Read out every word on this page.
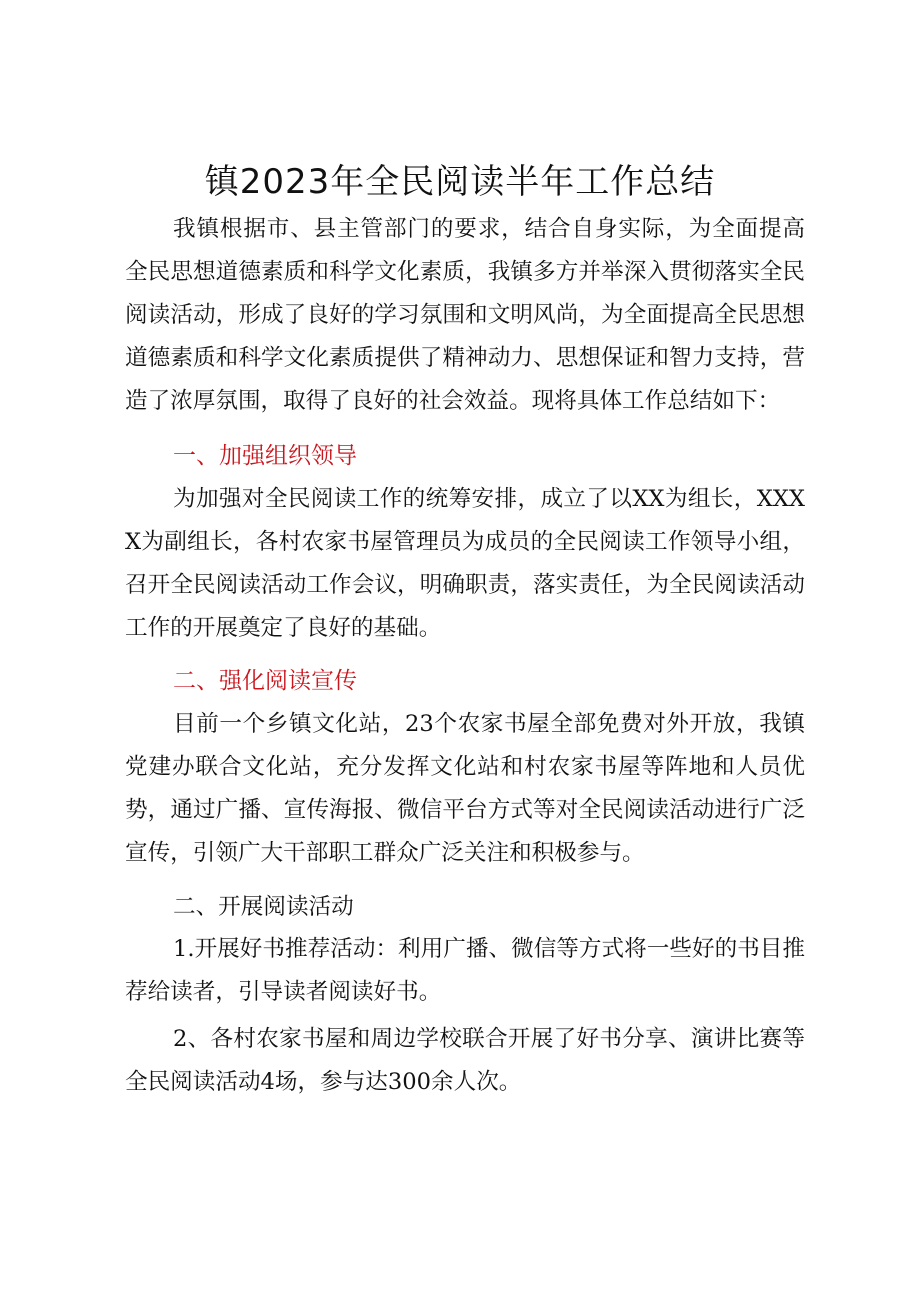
镇2023年全民阅读半年工作总结

我镇根据市、县主管部门的要求，结合自身实际，为全面提高全民思想道德素质和科学文化素质，我镇多方并举深入贯彻落实全民阅读活动，形成了良好的学习氛围和文明风尚，为全面提高全民思想道德素质和科学文化素质提供了精神动力、思想保证和智力支持，营造了浓厚氛围，取得了良好的社会效益。现将具体工作总结如下：

一、加强组织领导

为加强对全民阅读工作的统筹安排，成立了以XX为组长，XXXX为副组长，各村农家书屋管理员为成员的全民阅读工作领导小组，召开全民阅读活动工作会议，明确职责，落实责任，为全民阅读活动工作的开展奠定了良好的基础。

二、强化阅读宣传

目前一个乡镇文化站，23个农家书屋全部免费对外开放，我镇党建办联合文化站，充分发挥文化站和村农家书屋等阵地和人员优势，通过广播、宣传海报、微信平台方式等对全民阅读活动进行广泛宣传，引领广大干部职工群众广泛关注和积极参与。

二、开展阅读活动

1.开展好书推荐活动：利用广播、微信等方式将一些好的书目推荐给读者，引导读者阅读好书。

2、各村农家书屋和周边学校联合开展了好书分享、演讲比赛等全民阅读活动4场，参与达300余人次。
